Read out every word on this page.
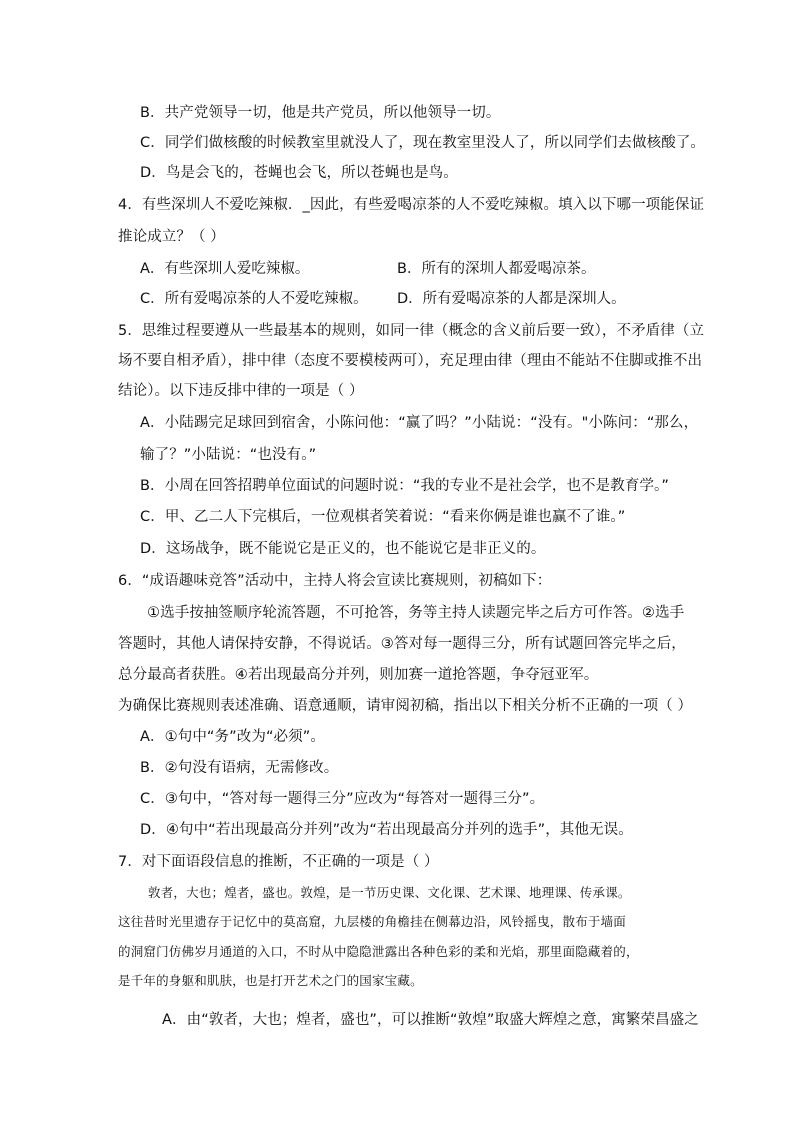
B．共产党领导一切，他是共产党员，所以他领导一切。

C．同学们做核酸的时候教室里就没人了，现在教室里没人了，所以同学们去做核酸了。

D．鸟是会飞的，苍蝇也会飞，所以苍蝇也是鸟。

4．有些深圳人不爱吃辣椒．_因此，有些爱喝凉茶的人不爱吃辣椒。填入以下哪一项能保证

推论成立？（ ）

A．有些深圳人爱吃辣椒。	B．所有的深圳人都爱喝凉茶。

C．所有爱喝凉茶的人不爱吃辣椒。 D．所有爱喝凉茶的人都是深圳人。

5．思维过程要遵从一些最基本的规则，如同一律（概念的含义前后要一致），不矛盾律（立

场不要自相矛盾），排中律（态度不要模棱两可），充足理由律（理由不能站不住脚或推不出

结论）。以下违反排中律的一项是（ ）

A．小陆踢完足球回到宿舍，小陈问他：“赢了吗？”小陆说：“没有。"小陈问：“那么，

输了？”小陆说：“也没有。”

B．小周在回答招聘单位面试的问题时说：“我的专业不是社会学，也不是教育学。”

C．甲、乙二人下完棋后，一位观棋者笑着说：“看来你俩是谁也赢不了谁。”

D．这场战争，既不能说它是正义的，也不能说它是非正义的。

6．“成语趣味竞答”活动中，主持人将会宣读比赛规则，初稿如下：

①选手按抽签顺序轮流答题，不可抢答，务等主持人读题完毕之后方可作答。②选手

答题时，其他人请保持安静，不得说话。③答对每一题得三分，所有试题回答完毕之后，

总分最高者获胜。④若出现最高分并列，则加赛一道抢答题，争夺冠亚军。

为确保比赛规则表述准确、语意通顺，请审阅初稿，指出以下相关分析不正确的一项（ ）

A．①句中“务”改为“必须”。

B．②句没有语病，无需修改。

C．③句中，“答对每一题得三分”应改为“每答对一题得三分”。

D．④句中“若出现最高分并列”改为“若出现最高分并列的选手”，其他无误。

7．对下面语段信息的推断，不正确的一项是（ ）

敦者，大也；煌者，盛也。敦煌，是一节历史课、文化课、艺术课、地理课、传承课。

这往昔时光里遗存于记忆中的莫高窟，九层楼的角檐挂在侧幕边沿，风铃摇曳，散布于墙面

的洞窟门仿佛岁月通道的入口，不时从中隐隐泄露出各种色彩的柔和光焰，那里面隐藏着的，

是千年的身躯和肌肤，也是打开艺术之门的国家宝藏。

A．由“敦者，大也；煌者，盛也”，可以推断“敦煌”取盛大辉煌之意，寓繁荣昌盛之
